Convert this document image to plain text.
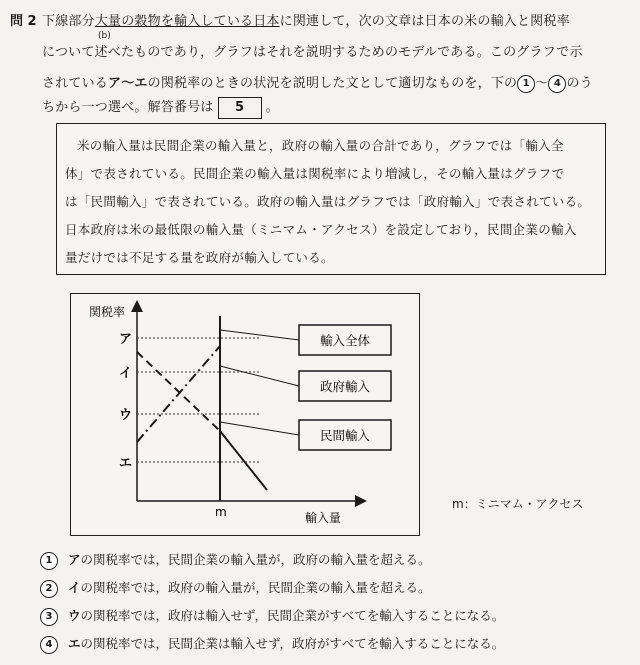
問 2 下線部分大量の穀物を輸入している日本に関連して，次の文章は日本の米の輸入と関税率
(b)
について述べたものであり，グラフはそれを説明するためのモデルである。このグラフで示
されているア〜エの関税率のときの状況を説明した文として適切なものを，下の 1 〜 4 のう
ちから一つ選べ。解答番号は 5 。
米の輸入量は民間企業の輸入量と，政府の輸入量の合計であり，グラフでは「輸入全
体」で表されている。民間企業の輸入量は関税率により増減し，その輸入量はグラフで
は「民間輸入」で表されている。政府の輸入量はグラフでは「政府輸入」で表されている。
日本政府は米の最低限の輸入量（ミニマム・アクセス）を設定しており，民間企業の輸入
量だけでは不足する量を政府が輸入している。
関税率
輸入量
ア
イ
ウ
エ
m
輸入全体
政府輸入
民間輸入
m：ミニマム・アクセス
1 アの関税率では，民間企業の輸入量が，政府の輸入量を超える。
2 イの関税率では，政府の輸入量が，民間企業の輸入量を超える。
3 ウの関税率では，政府は輸入せず，民間企業がすべてを輸入することになる。
4 エの関税率では，民間企業は輸入せず，政府がすべてを輸入することになる。
